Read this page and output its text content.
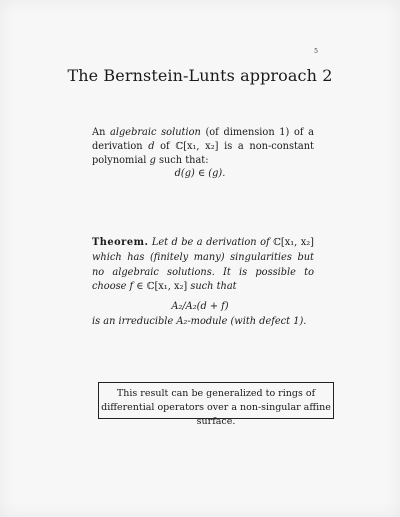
5
The Bernstein-Lunts approach 2
An algebraic solution (of dimension 1) of a derivation d of ℂ[x₁, x₂] is a non-constant polynomial g such that:
d(g) ∈ (g).
Theorem. Let d be a derivation of ℂ[x₁, x₂] which has (finitely many) singularities but no algebraic solutions. It is possible to choose f ∈ ℂ[x₁, x₂] such that
A₂/A₂(d + f)
is an irreducible A₂-module (with defect 1).
This result can be generalized to rings of
differential operators over a non-singular affine surface.
